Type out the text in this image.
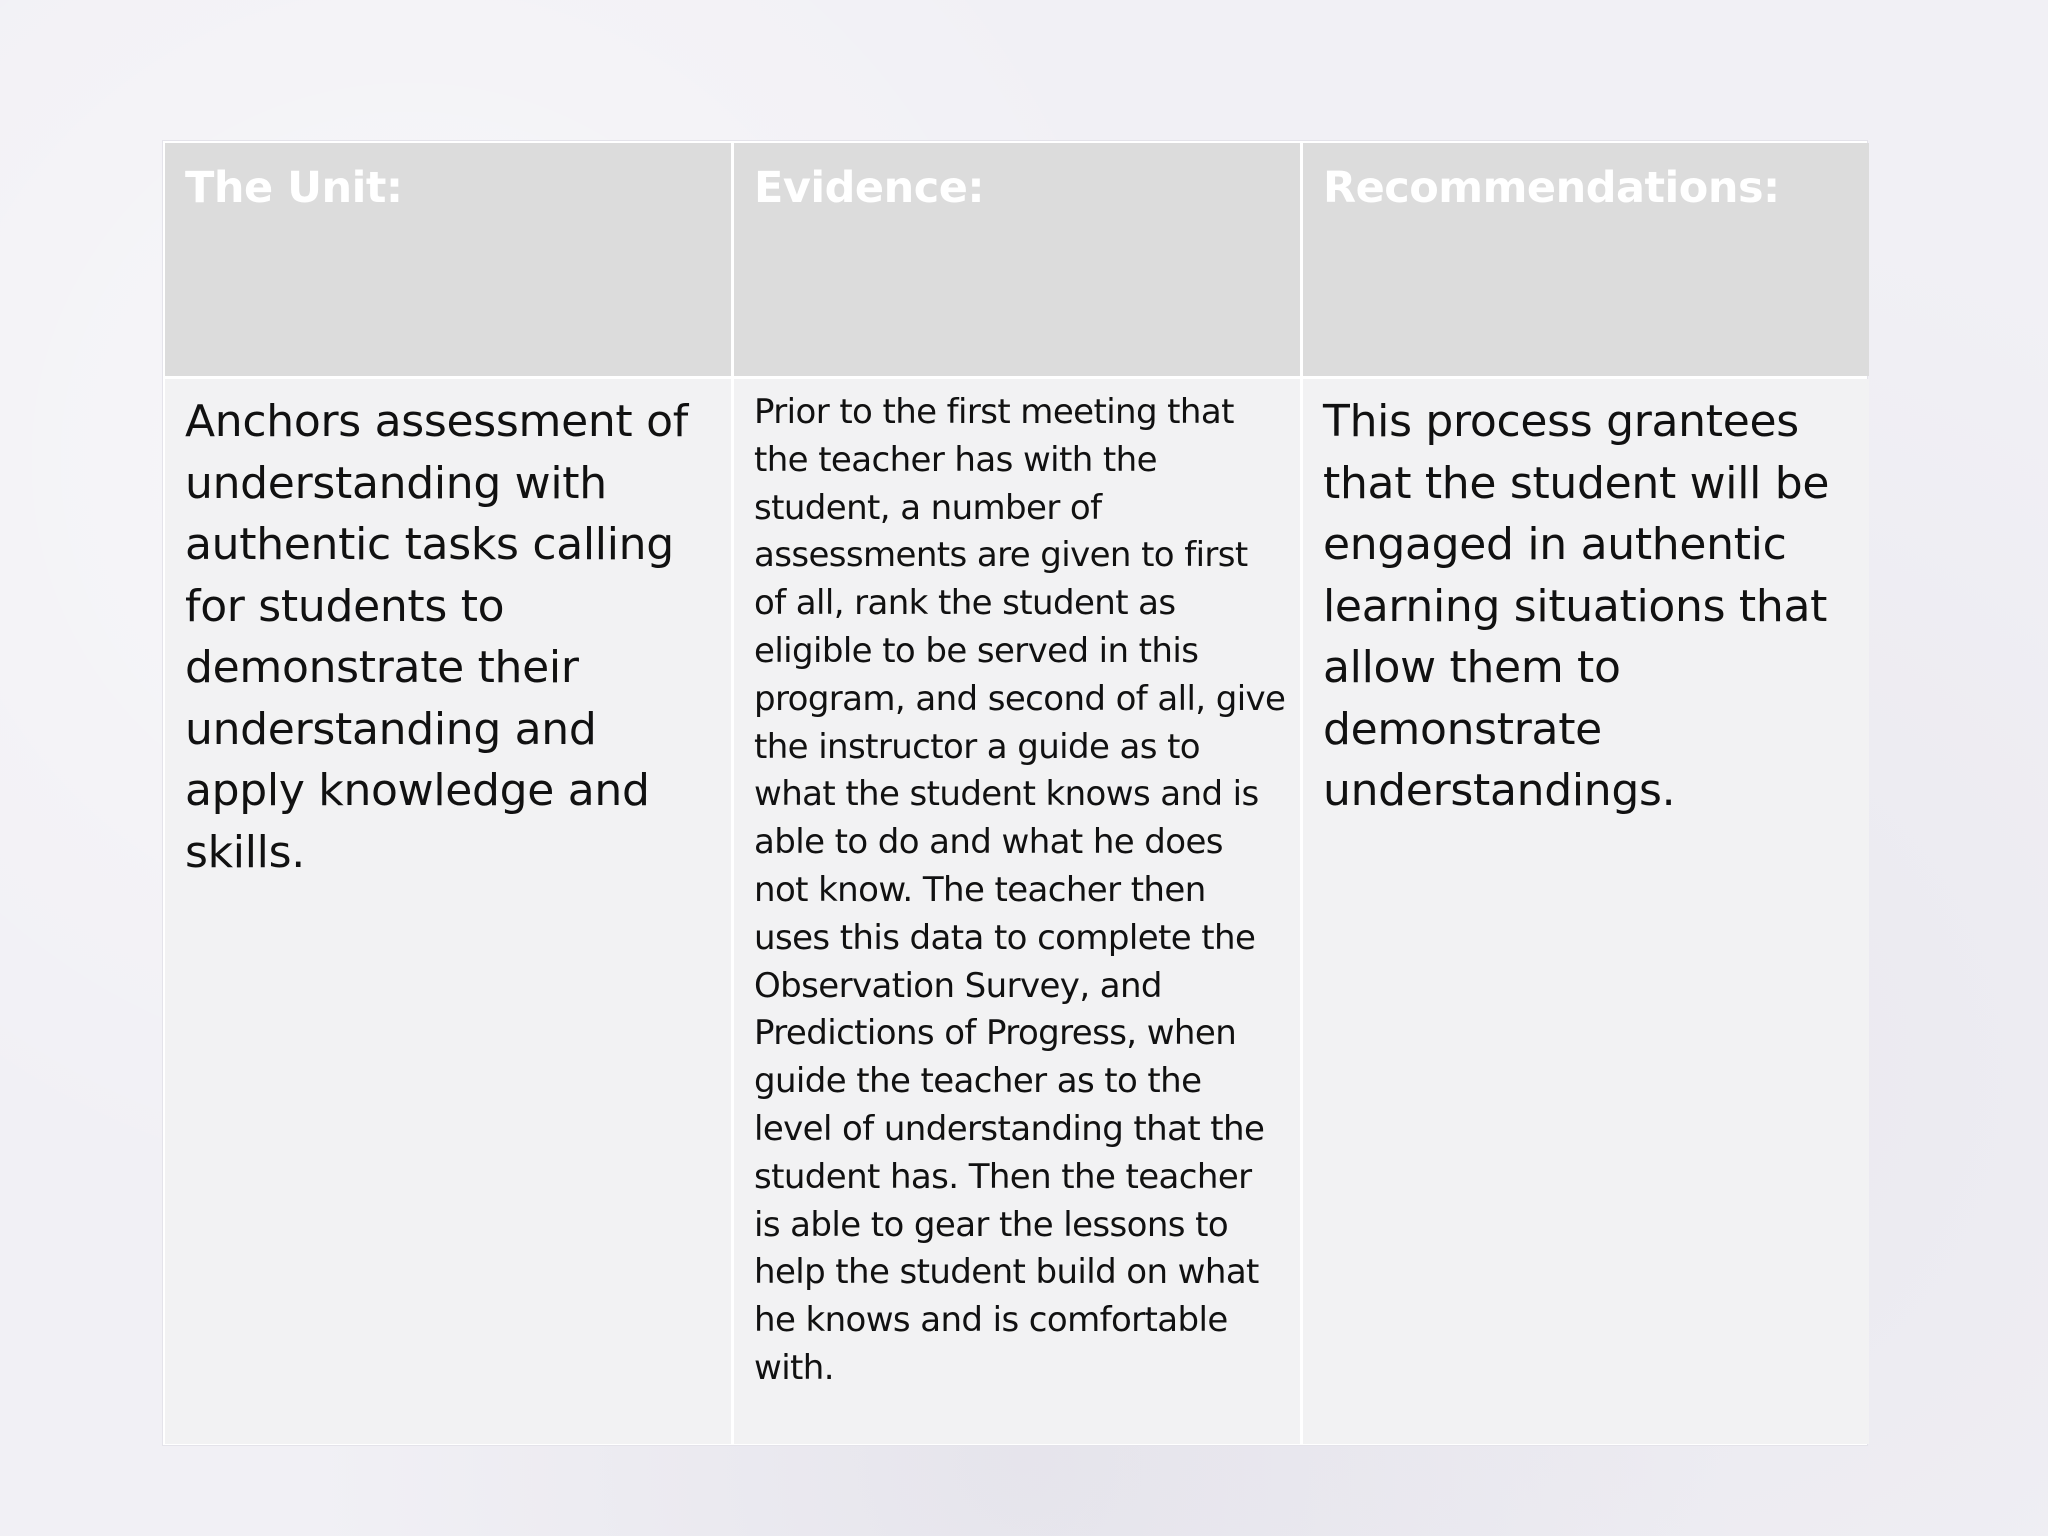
The Unit:	Evidence:	Recommendations:

Anchors assessment of understanding with authentic tasks calling for students to demonstrate their understanding and apply knowledge and skills.

Prior to the first meeting that the teacher has with the student, a number of assessments are given to first of all, rank the student as eligible to be served in this program, and second of all, give the instructor a guide as to what the student knows and is able to do and what he does not know. The teacher then uses this data to complete the Observation Survey, and Predictions of Progress, when guide the teacher as to the level of understanding that the student has. Then the teacher is able to gear the lessons to help the student build on what he knows and is comfortable with.

This process grantees that the student will be engaged in authentic learning situations that allow them to demonstrate understandings.
